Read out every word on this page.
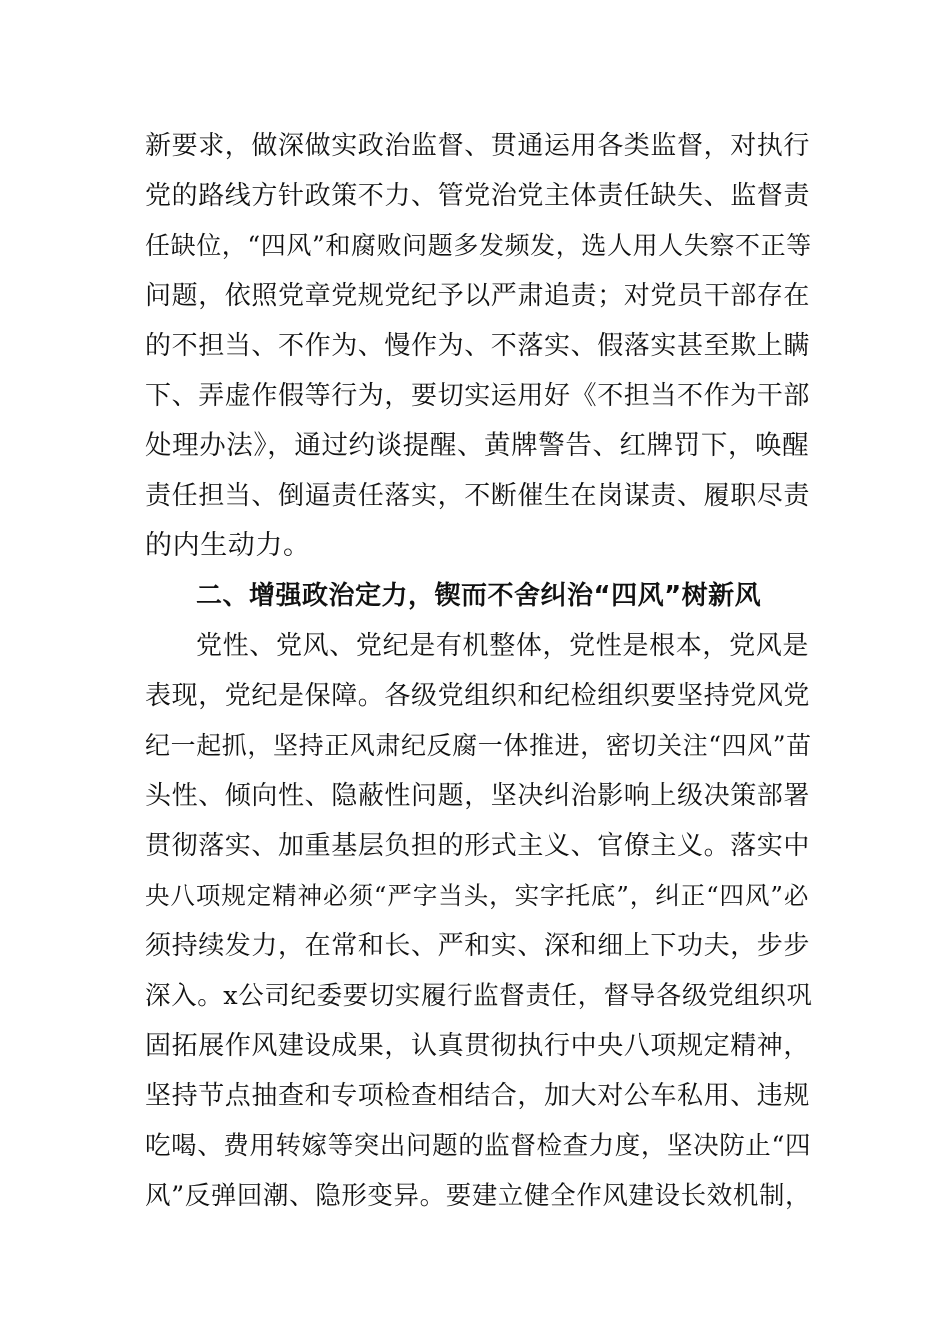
新要求，做深做实政治监督、贯通运用各类监督，对执行
党的路线方针政策不力、管党治党主体责任缺失、监督责
任缺位，“四风”和腐败问题多发频发，选人用人失察不正等
问题，依照党章党规党纪予以严肃追责；对党员干部存在
的不担当、不作为、慢作为、不落实、假落实甚至欺上瞒
下、弄虚作假等行为，要切实运用好《不担当不作为干部
处理办法》，通过约谈提醒、黄牌警告、红牌罚下，唤醒
责任担当、倒逼责任落实，不断催生在岗谋责、履职尽责
的内生动力。
二、增强政治定力，锲而不舍纠治“四风”树新风
党性、党风、党纪是有机整体，党性是根本，党风是
表现，党纪是保障。各级党组织和纪检组织要坚持党风党
纪一起抓，坚持正风肃纪反腐一体推进，密切关注“四风”苗
头性、倾向性、隐蔽性问题，坚决纠治影响上级决策部署
贯彻落实、加重基层负担的形式主义、官僚主义。落实中
央八项规定精神必须“严字当头，实字托底”，纠正“四风”必
须持续发力，在常和长、严和实、深和细上下功夫，步步
深入。x公司纪委要切实履行监督责任，督导各级党组织巩
固拓展作风建设成果，认真贯彻执行中央八项规定精神，
坚持节点抽查和专项检查相结合，加大对公车私用、违规
吃喝、费用转嫁等突出问题的监督检查力度，坚决防止“四
风”反弹回潮、隐形变异。要建立健全作风建设长效机制，
